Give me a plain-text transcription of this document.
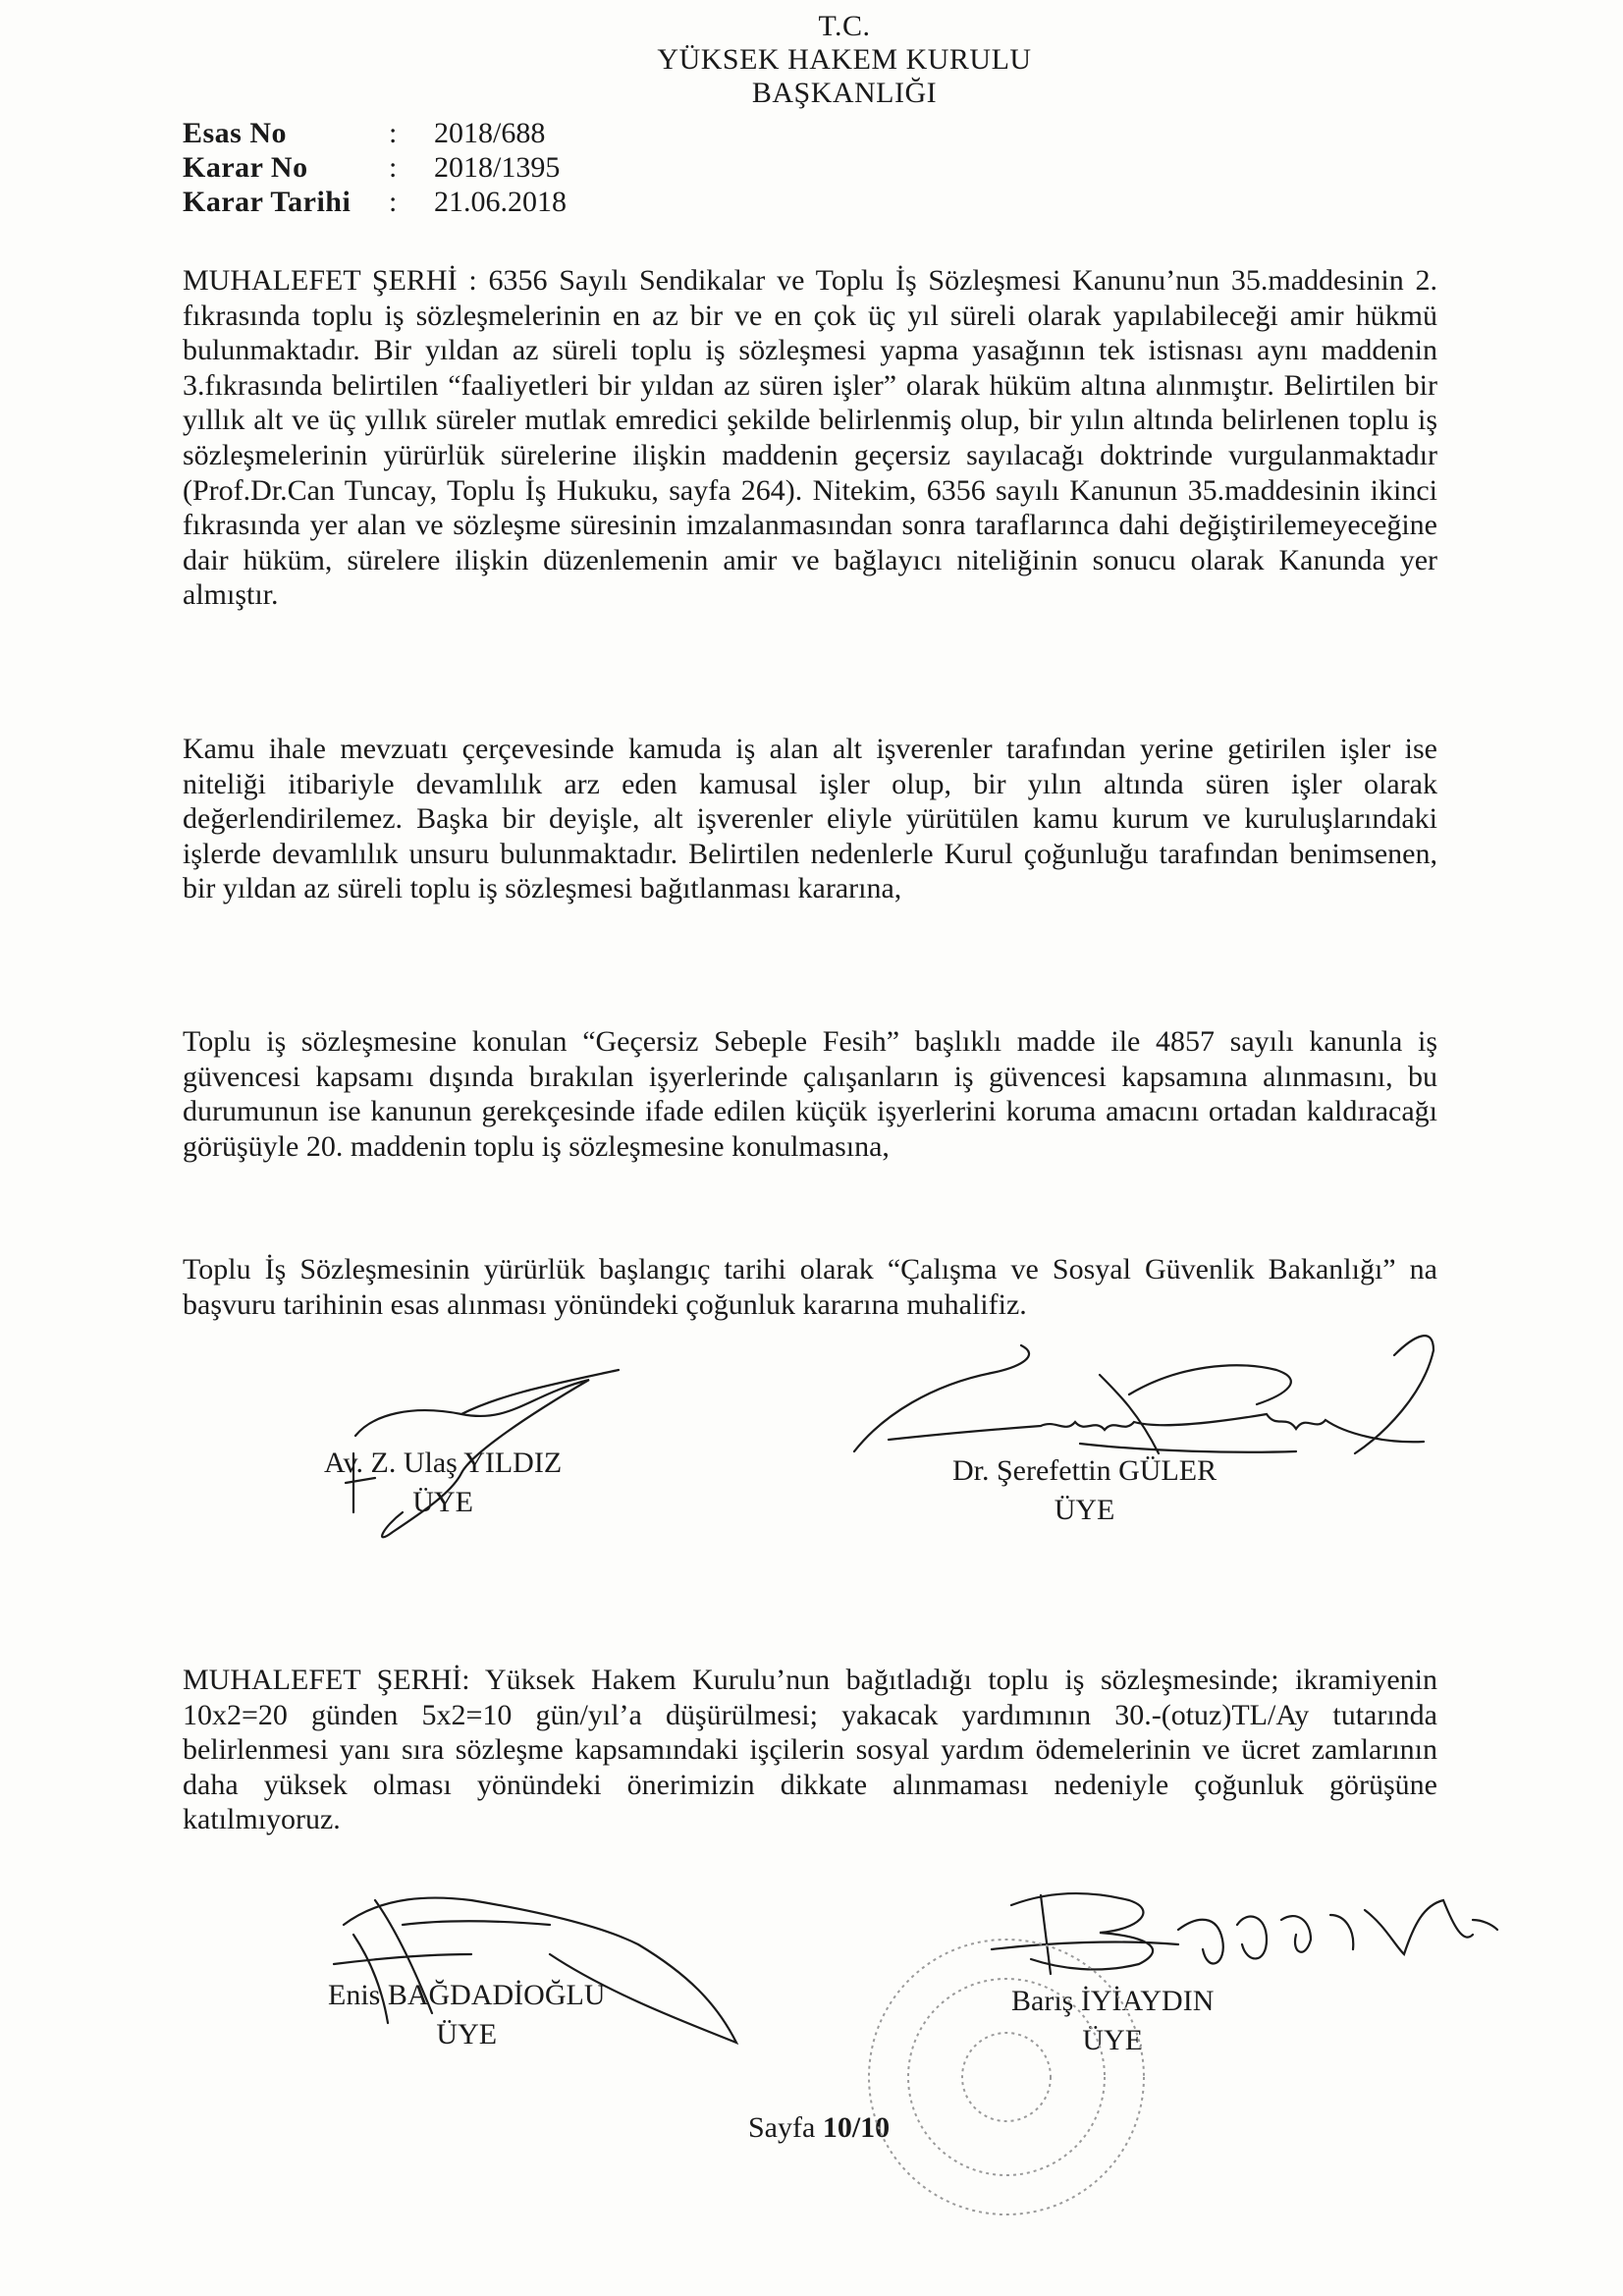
T.C.
YÜKSEK HAKEM KURULU
BAŞKANLIĞI
Esas No	:	2018/688
Karar No	:	2018/1395
Karar Tarihi	:	21.06.2018

MUHALEFET ŞERHİ : 6356 Sayılı Sendikalar ve Toplu İş Sözleşmesi Kanunu’nun 35.maddesinin 2. fıkrasında toplu iş sözleşmelerinin en az bir ve en çok üç yıl süreli olarak yapılabileceği amir hükmü bulunmaktadır. Bir yıldan az süreli toplu iş sözleşmesi yapma yasağının tek istisnası aynı maddenin 3.fıkrasında belirtilen “faaliyetleri bir yıldan az süren işler” olarak hüküm altına alınmıştır. Belirtilen bir yıllık alt ve üç yıllık süreler mutlak emredici şekilde belirlenmiş olup, bir yılın altında belirlenen toplu iş sözleşmelerinin yürürlük sürelerine ilişkin maddenin geçersiz sayılacağı doktrinde vurgulanmaktadır (Prof.Dr.Can Tuncay, Toplu İş Hukuku, sayfa 264). Nitekim, 6356 sayılı Kanunun 35.maddesinin ikinci fıkrasında yer alan ve sözleşme süresinin imzalanmasından sonra taraflarınca dahi değiştirilemeyeceğine dair hüküm, sürelere ilişkin düzenlemenin amir ve bağlayıcı niteliğinin sonucu olarak Kanunda yer almıştır.

Kamu ihale mevzuatı çerçevesinde kamuda iş alan alt işverenler tarafından yerine getirilen işler ise niteliği itibariyle devamlılık arz eden kamusal işler olup, bir yılın altında süren işler olarak değerlendirilemez. Başka bir deyişle, alt işverenler eliyle yürütülen kamu kurum ve kuruluşlarındaki işlerde devamlılık unsuru bulunmaktadır. Belirtilen nedenlerle Kurul çoğunluğu tarafından benimsenen, bir yıldan az süreli toplu iş sözleşmesi bağıtlanması kararına,

Toplu iş sözleşmesine konulan “Geçersiz Sebeple Fesih” başlıklı madde ile 4857 sayılı kanunla iş güvencesi kapsamı dışında bırakılan işyerlerinde çalışanların iş güvencesi kapsamına alınmasını, bu durumunun ise kanunun gerekçesinde ifade edilen küçük işyerlerini koruma amacını ortadan kaldıracağı görüşüyle 20. maddenin toplu iş sözleşmesine konulmasına,

Toplu İş Sözleşmesinin yürürlük başlangıç tarihi olarak “Çalışma ve Sosyal Güvenlik Bakanlığı” na başvuru tarihinin esas alınması yönündeki çoğunluk kararına muhalifiz.

Av. Z. Ulaş YILDIZ
ÜYE
Dr. Şerefettin GÜLER
ÜYE

MUHALEFET ŞERHİ: Yüksek Hakem Kurulu’nun bağıtladığı toplu iş sözleşmesinde; ikramiyenin 10x2=20 günden 5x2=10 gün/yıl’a düşürülmesi; yakacak yardımının 30.-(otuz)TL/Ay tutarında belirlenmesi yanı sıra sözleşme kapsamındaki işçilerin sosyal yardım ödemelerinin ve ücret zamlarının daha yüksek olması yönündeki önerimizin dikkate alınmaması nedeniyle çoğunluk görüşüne katılmıyoruz.

Enis BAĞDADİOĞLU
ÜYE
Barış İYİAYDIN
ÜYE
Sayfa 10/10
